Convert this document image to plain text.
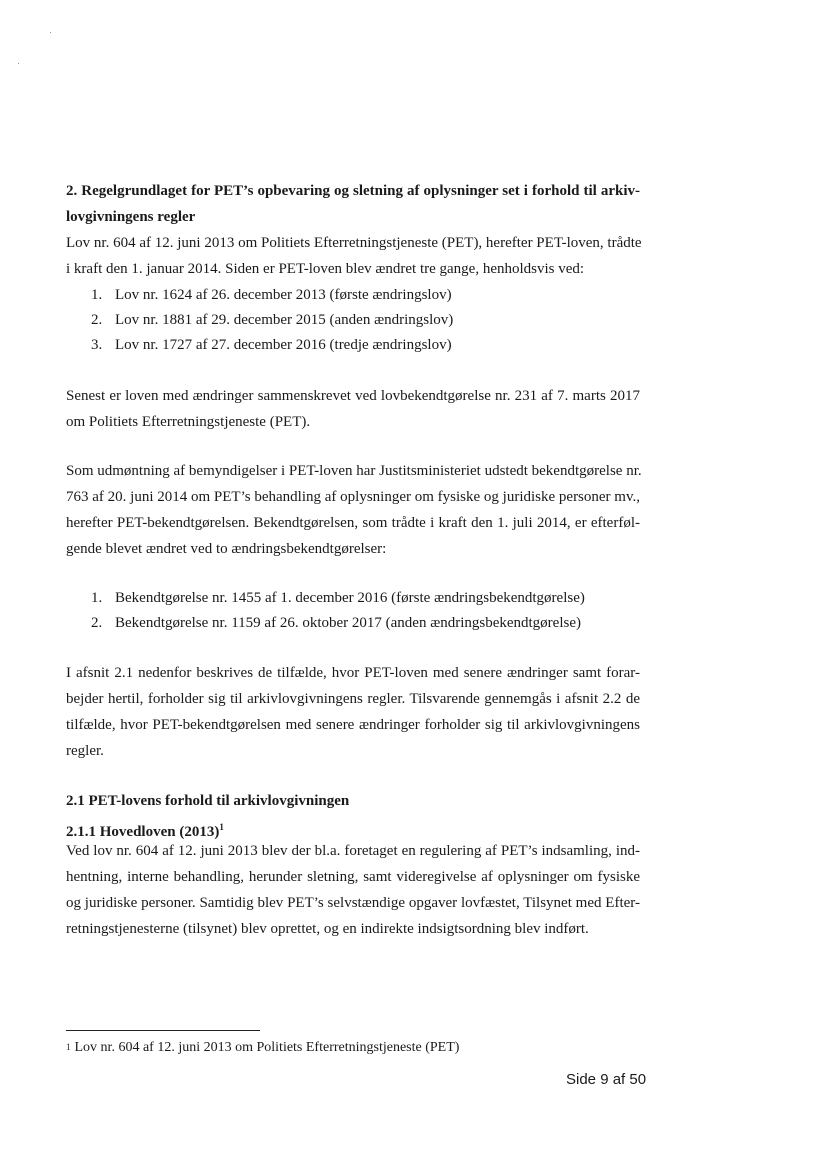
2. Regelgrundlaget for PET’s opbevaring og sletning af oplysninger set i forhold til arkiv-
lovgivningens regler
Lov nr. 604 af 12. juni 2013 om Politiets Efterretningstjeneste (PET), herefter PET-loven, trådte
i kraft den 1. januar 2014. Siden er PET-loven blev ændret tre gange, henholdsvis ved:
1. Lov nr. 1624 af 26. december 2013 (første ændringslov)
2. Lov nr. 1881 af 29. december 2015 (anden ændringslov)
3. Lov nr. 1727 af 27. december 2016 (tredje ændringslov)
Senest er loven med ændringer sammenskrevet ved lovbekendtgørelse nr. 231 af 7. marts 2017
om Politiets Efterretningstjeneste (PET).
Som udmøntning af bemyndigelser i PET-loven har Justitsministeriet udstedt bekendtgørelse nr.
763 af 20. juni 2014 om PET’s behandling af oplysninger om fysiske og juridiske personer mv.,
herefter PET-bekendtgørelsen. Bekendtgørelsen, som trådte i kraft den 1. juli 2014, er efterføl-
gende blevet ændret ved to ændringsbekendtgørelser:
1. Bekendtgørelse nr. 1455 af 1. december 2016 (første ændringsbekendtgørelse)
2. Bekendtgørelse nr. 1159 af 26. oktober 2017 (anden ændringsbekendtgørelse)
I afsnit 2.1 nedenfor beskrives de tilfælde, hvor PET-loven med senere ændringer samt forar-
bejder hertil, forholder sig til arkivlovgivningens regler. Tilsvarende gennemgås i afsnit 2.2 de
tilfælde, hvor PET-bekendtgørelsen med senere ændringer forholder sig til arkivlovgivningens
regler.
2.1 PET-lovens forhold til arkivlovgivningen
2.1.1 Hovedloven $(2013)^1$
Ved lov nr. 604 af 12. juni 2013 blev der bl.a. foretaget en regulering af PET’s indsamling, ind-
hentning, interne behandling, herunder sletning, samt videregivelse af oplysninger om fysiske
og juridiske personer. Samtidig blev PET’s selvstændige opgaver lovfæstet, Tilsynet med Efter-
retningstjenesterne (tilsynet) blev oprettet, og en indirekte indsigtsordning blev indført.
$^1$ Lov nr. 604 af 12. juni 2013 om Politiets Efterretningstjeneste (PET)
Side 9 af 50
